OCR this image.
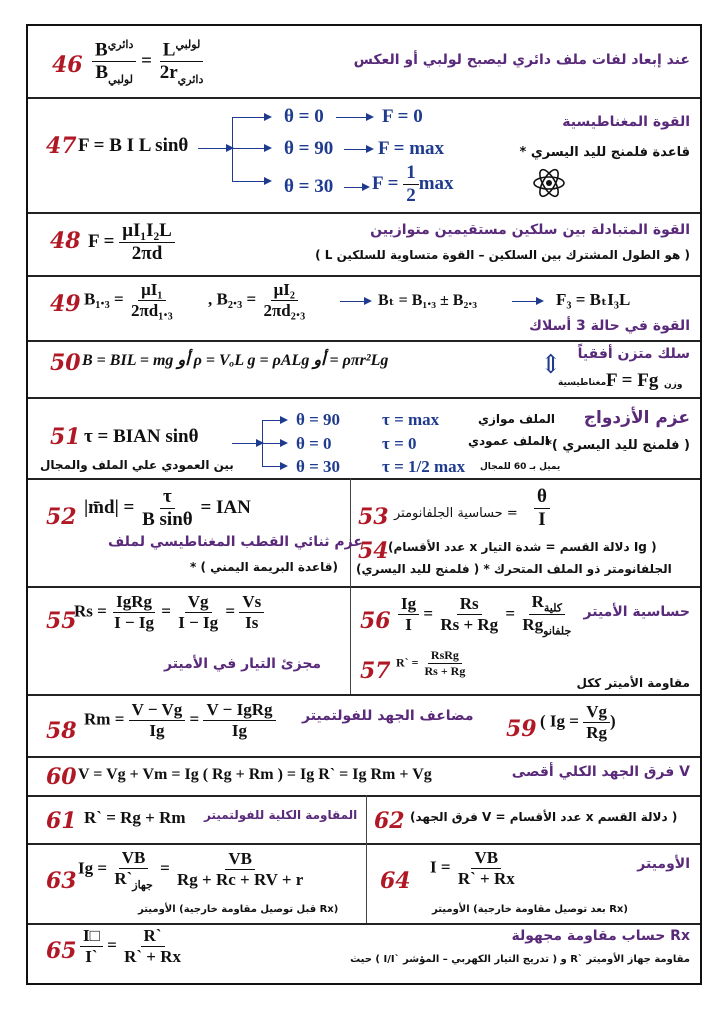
$46 \frac{B^{دائري}}{B_{لولبي}} = \frac{L^{لولبي}}{2r_{دائري}}$	عند إبعاد لفات ملف دائري ليصبح لولبي أو العكس
47 F = B I L sinθ
θ = 0	F = 0
θ = 90 F = max
θ = 30 $F = \frac{1}{2}$ max
القوة المغناطيسية
* قاعدة فلمنج لليد اليسري
48 $F = \frac{\text{μI₁I₂L}}{2\pi d}$	القوة المتبادلة بين سلكين مستقيمين متوازيين
( L هو الطول المشترك بين السلكين – القوة متساوية للسلكين )
49 $B_1._3 = \frac{\text{μI₁}}{\text{2πd₁.₃}}$ , $B_2._3 = \frac{\text{μI₂}}{\text{2πd₂.₃}}$	Bₜ = B₁.₃ ± B₂.₃	F₃ = BₜI₃L
القوة في حالة 3 أسلاك
50 B = BIL = mg أو ρ = VₒL g = ρALg أو = ρπr²Lg	سلك متزن أفقياً
⇕
مغناطيسية F = Fg وزن
51 τ = BIAN sinθ
بين العمودي علي الملف والمجال
θ = 90 τ = max	الملف موازي
θ = 0	τ = 0	الملف عمودي
θ = 30 τ = 1/2 max يميل بـ 60 للمجال
عزم الأزدواج
*( فلمنج لليد اليسري )
52 |m̄d| = $\frac{\tau}{\text{B sinθ}}$ = IAN
عزم ثنائي القطب المغناطيسي لملف
* ( قاعدة البريمة اليمني)
53 حساسية الجلفانومتر = $\frac{\theta}{I}$
54 (عدد الأقسام x دلالة القسم = شدة التيار Ig )
الجلفانومتر ذو الملف المتحرك * ( فلمنج لليد اليسري)
55
$Rs = \frac{\text{IgRg}}{I - Ig} = \frac{Vg}{I - Ig} = \frac{Vs}{Is}$
مجزئ التيار في الأميتر
$56 \frac{Ig}{I} = \frac{Rs}{Rs + Rg} = \frac{R_{كلية}}{Rg_{جلفانو}}$ حساسية الأميتر
57 R` = $\frac{\text{RsRg}}{Rs + Rg}$
مقاومة الأميتر ككل
58 $Rm = \frac{V - Vg}{Ig} = \frac{\text{V − IgRg}}{Ig}$ مضاعف الجهد للفولتميتر 59 ( $Ig = \frac{Vg}{Rg}$ )
60 V = Vg + Vm = Ig ( Rg + Rm ) = Ig R` = Ig Rm + Vg	فرق الجهد الكلي أقصى V
61 R` = Rg + Rm المقاومة الكلية للفولتميتر 62 (فرق الجهد V = عدد الأقسام x دلالة القسم )
63 $Ig = \frac{VB}{R`_{جهاز}} = \frac{VB}{Rg + Rc + RV + r}$
الأوميتر (قبل توصيل مقاومة خارجية Rx)
64
$I = \frac{VB}{R` + Rx}$	الأوميتر
الأوميتر (بعد توصيل مقاومة خارجية Rx)
$65 \frac{I□}{I`} = \frac{R`}{R` + Rx}$	حساب مقاومة مجهولة Rx
حيث ( I/I` تدريج التيار الكهربي – المؤشر ) و R` مقاومة جهاز الأوميتر
